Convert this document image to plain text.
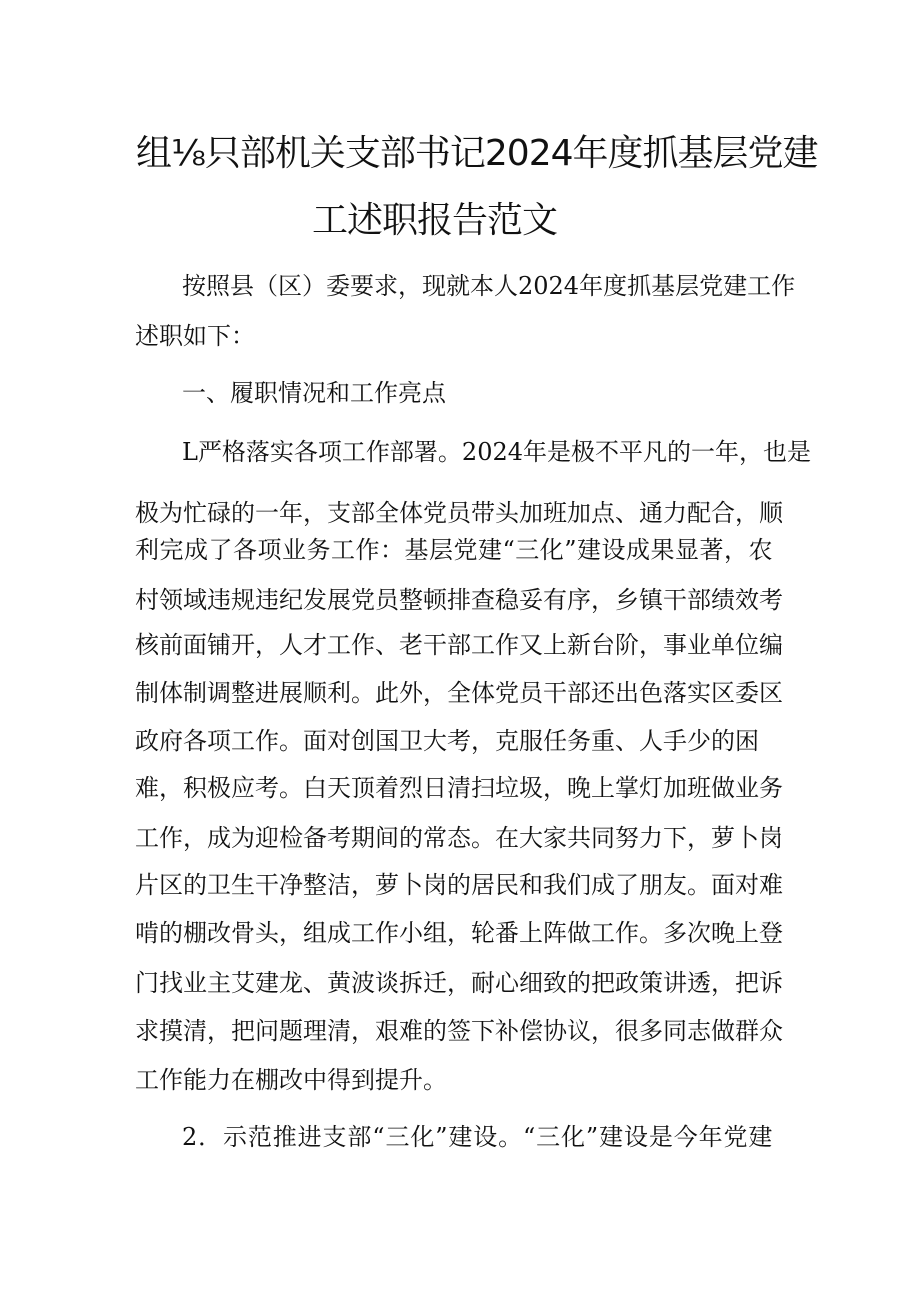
组⅛只部机关支部书记2024年度抓基层党建
工述职报告范文
按照县（区）委要求，现就本人2024年度抓基层党建工作
述职如下：
一、履职情况和工作亮点
L严格落实各项工作部署。2024年是极不平凡的一年，也是
极为忙碌的一年，支部全体党员带头加班加点、通力配合，顺
利完成了各项业务工作：基层党建“三化”建设成果显著，农
村领域违规违纪发展党员整顿排查稳妥有序，乡镇干部绩效考
核前面铺开，人才工作、老干部工作又上新台阶，事业单位编
制体制调整进展顺利。此外，全体党员干部还出色落实区委区
政府各项工作。面对创国卫大考，克服任务重、人手少的困
难，积极应考。白天顶着烈日清扫垃圾，晚上掌灯加班做业务
工作，成为迎检备考期间的常态。在大家共同努力下，萝卜岗
片区的卫生干净整洁，萝卜岗的居民和我们成了朋友。面对难
啃的棚改骨头，组成工作小组，轮番上阵做工作。多次晚上登
门找业主艾建龙、黄波谈拆迁，耐心细致的把政策讲透，把诉
求摸清，把问题理清，艰难的签下补偿协议，很多同志做群众
工作能力在棚改中得到提升。
2．示范推进支部“三化”建设。“三化”建设是今年党建
